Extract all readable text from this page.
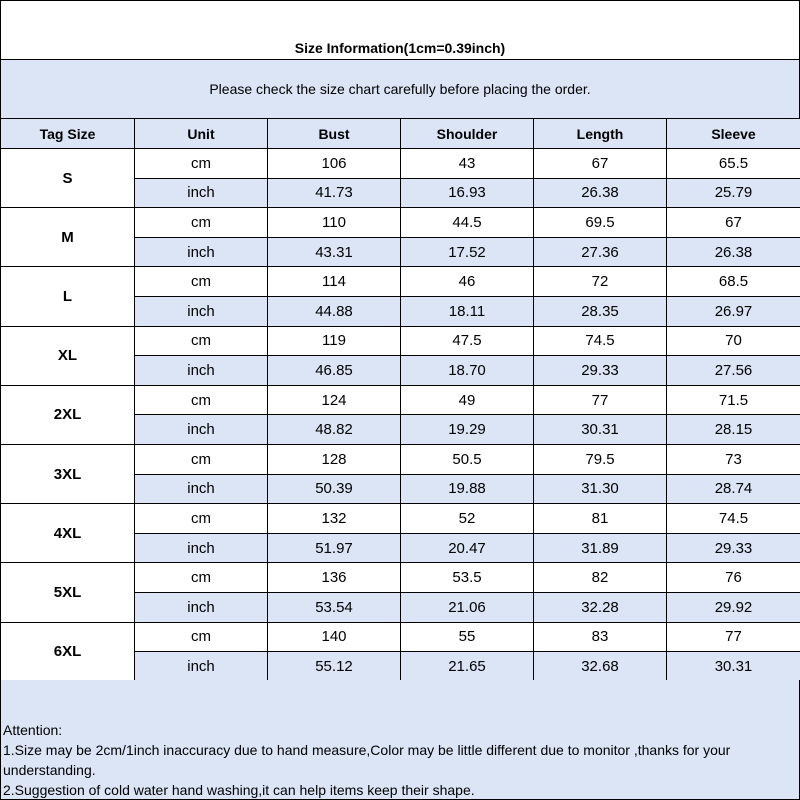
Size Information(1cm=0.39inch)
Please check the size chart carefully before placing the order.
Tag Size	Unit	Bust	Shoulder	Length	Sleeve
S	cm	106	43	67	65.5
	inch	41.73	16.93	26.38	25.79
M	cm	110	44.5	69.5	67
	inch	43.31	17.52	27.36	26.38
L	cm	114	46	72	68.5
	inch	44.88	18.11	28.35	26.97
XL	cm	119	47.5	74.5	70
	inch	46.85	18.70	29.33	27.56
2XL	cm	124	49	77	71.5
	inch	48.82	19.29	30.31	28.15
3XL	cm	128	50.5	79.5	73
	inch	50.39	19.88	31.30	28.74
4XL	cm	132	52	81	74.5
	inch	51.97	20.47	31.89	29.33
5XL	cm	136	53.5	82	76
	inch	53.54	21.06	32.28	29.92
6XL	cm	140	55	83	77
	inch	55.12	21.65	32.68	30.31
Attention:
1.Size may be 2cm/1inch inaccuracy due to hand measure,Color may be little different due to monitor ,thanks for your understanding.
2.Suggestion of cold water hand washing,it can help items keep their shape.
